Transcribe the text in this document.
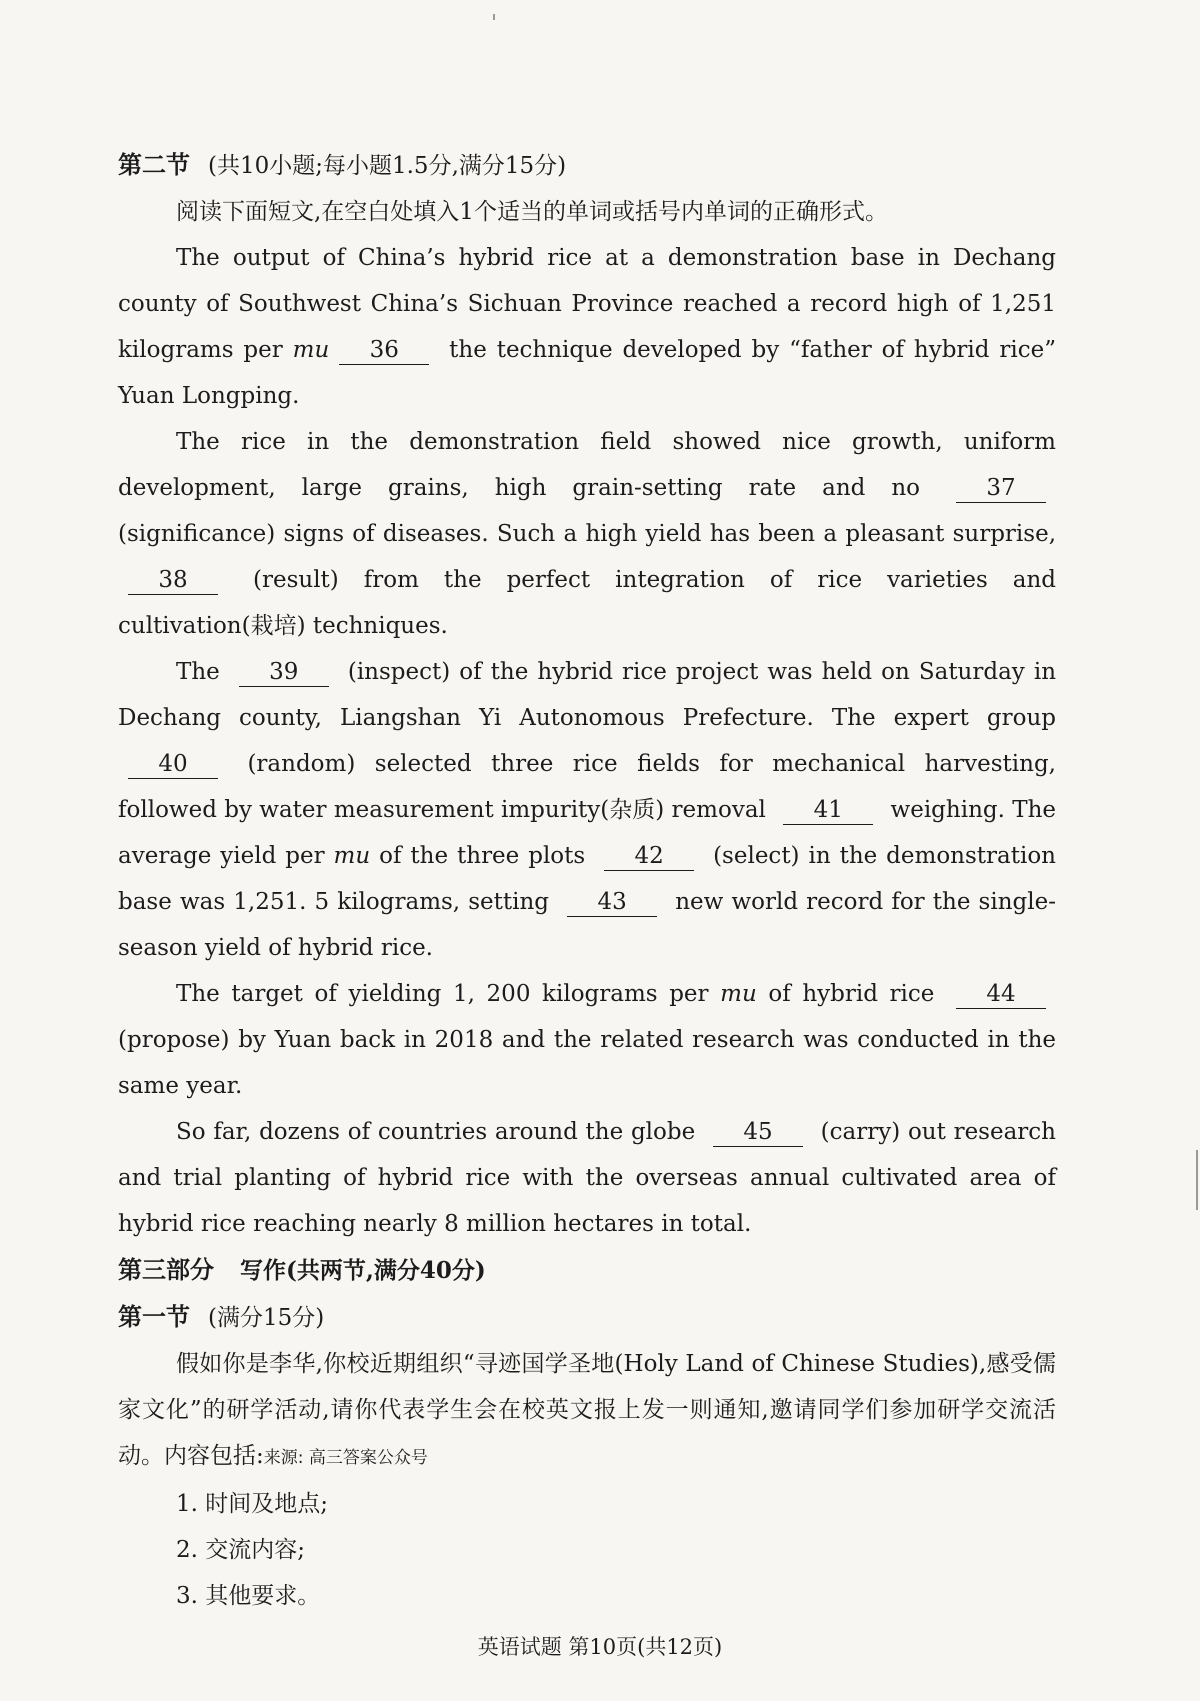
第二节 (共10小题;每小题1.5分,满分15分)

阅读下面短文,在空白处填入1个适当的单词或括号内单词的正确形式。

The output of China’s hybrid rice at a demonstration base in Dechang county of Southwest China’s Sichuan Province reached a record high of 1,251 kilograms per mu 36 the technique developed by “father of hybrid rice” Yuan Longping.

The rice in the demonstration field showed nice growth, uniform development, large grains, high grain-setting rate and no 37 (significance) signs of diseases. Such a high yield has been a pleasant surprise, 38 (result) from the perfect integration of rice varieties and cultivation(栽培) techniques.

The 39 (inspect) of the hybrid rice project was held on Saturday in Dechang county, Liangshan Yi Autonomous Prefecture. The expert group 40 (random) selected three rice fields for mechanical harvesting, followed by water measurement impurity(杂质) removal 41 weighing. The average yield per mu of the three plots 42 (select) in the demonstration base was 1,251. 5 kilograms, setting 43 new world record for the single-season yield of hybrid rice.

The target of yielding 1, 200 kilograms per mu of hybrid rice 44 (propose) by Yuan back in 2018 and the related research was conducted in the same year.

So far, dozens of countries around the globe 45 (carry) out research and trial planting of hybrid rice with the overseas annual cultivated area of hybrid rice reaching nearly 8 million hectares in total.

第三部分 写作(共两节,满分40分)

第一节 (满分15分)

假如你是李华,你校近期组织“寻迹国学圣地(Holy Land of Chinese Studies),感受儒家文化”的研学活动,请你代表学生会在校英文报上发一则通知,邀请同学们参加研学交流活动。内容包括:来源: 高三答案公众号

1. 时间及地点;

2. 交流内容;

3. 其他要求。

英语试题 第10页(共12页)
